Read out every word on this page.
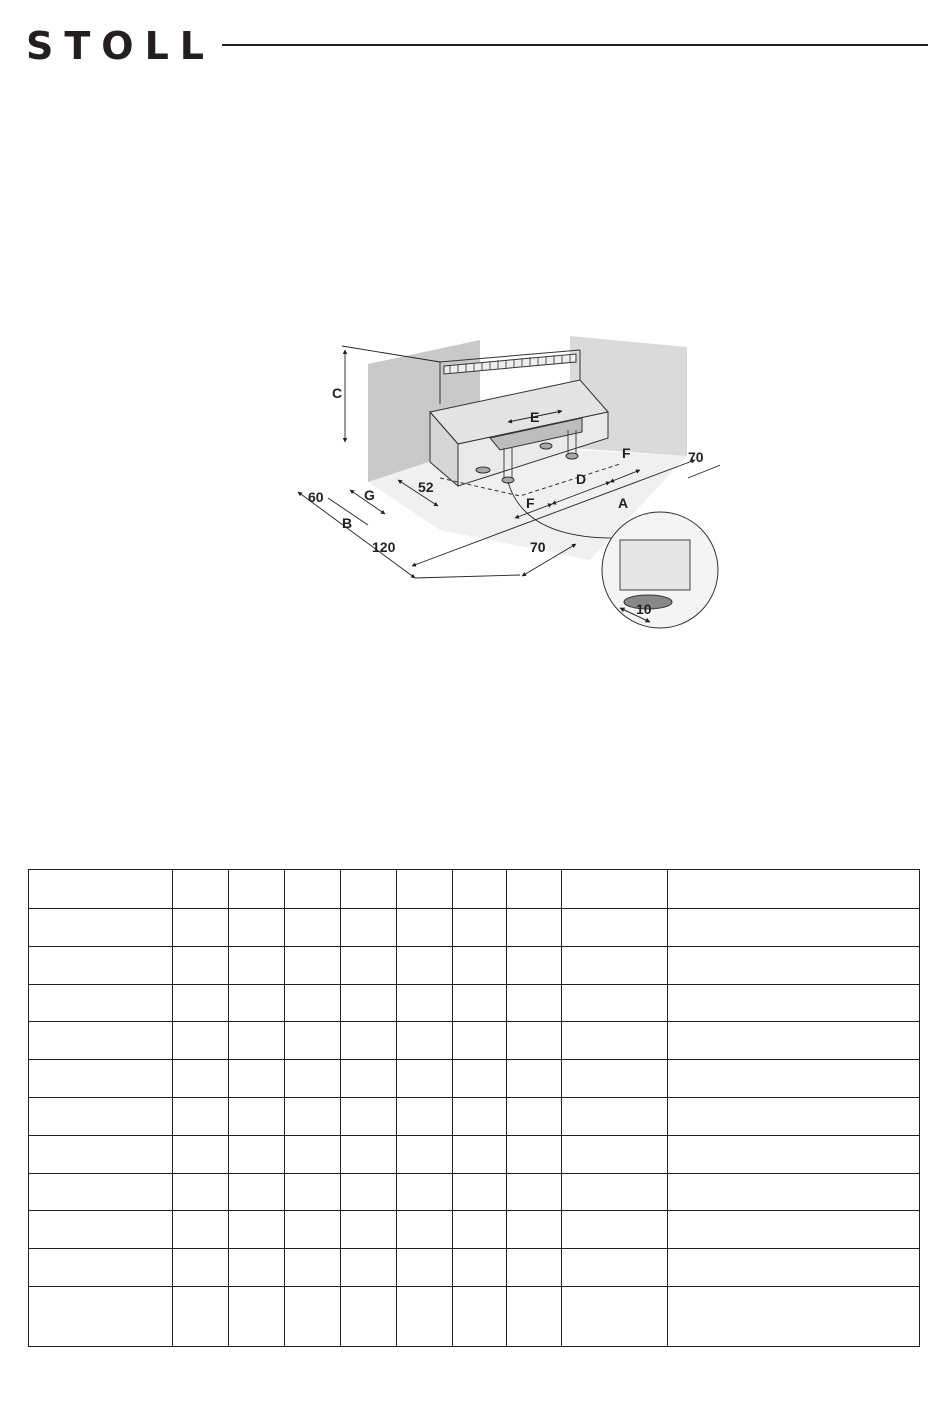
STOLL
C
E
F
D
F	A
G
B
60
52
120	70
70
10
